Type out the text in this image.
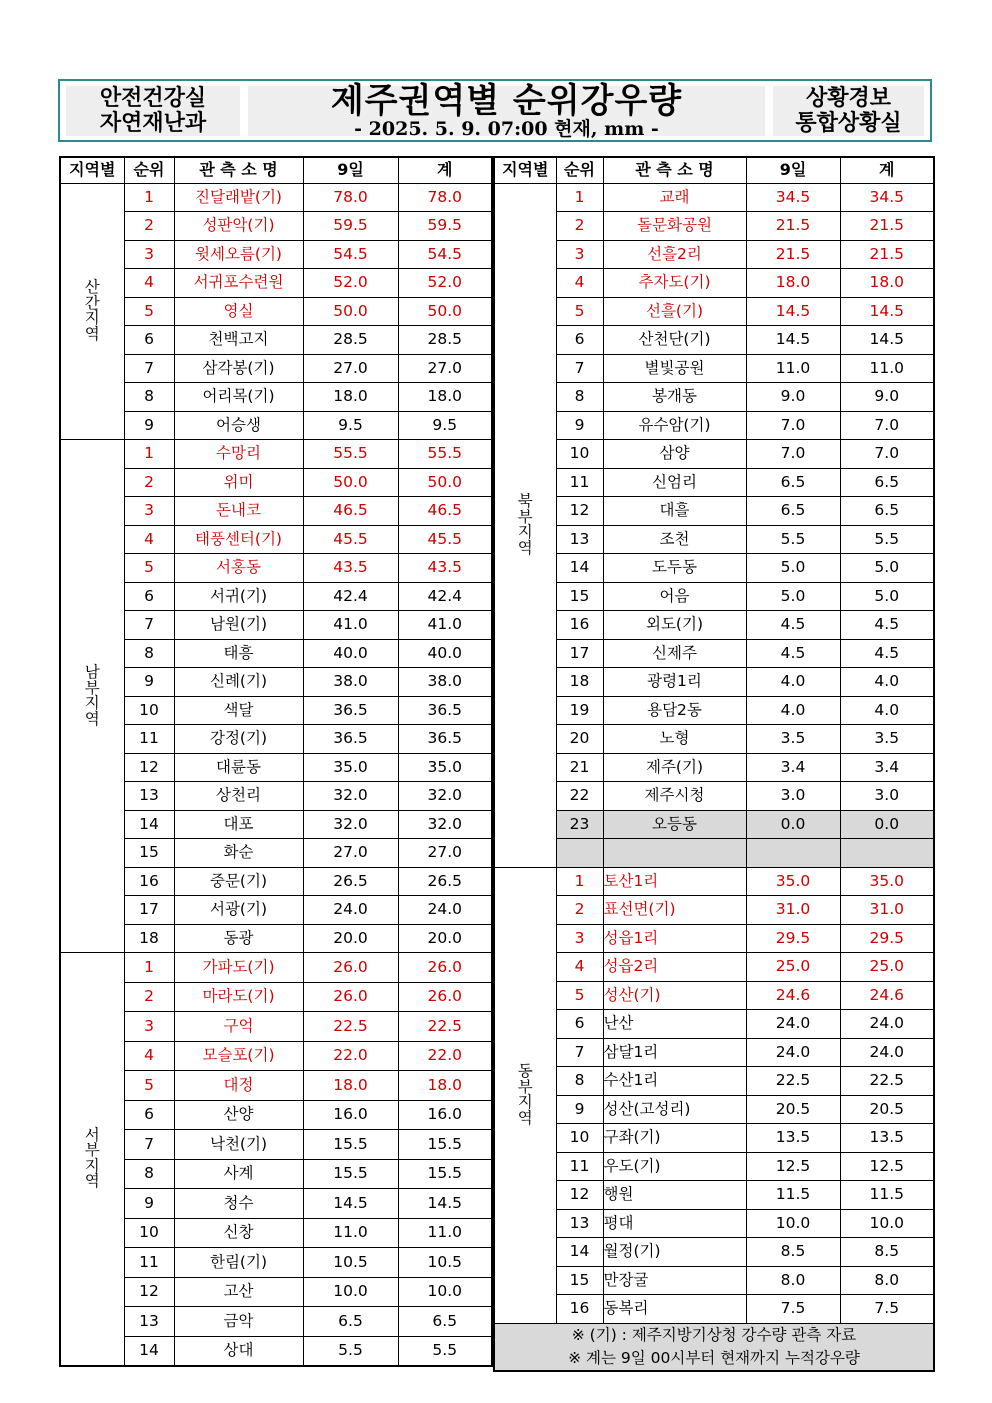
안전건강실
자연재난과
제주권역별 순위강우량
- 2025. 5. 9. 07:00 현재, mm -
상황경보
통합상황실
지역별	순위	관 측 소 명	9일	계

산
간
지
역	1	진달래밭(기)	78.0	78.0
	2	성판악(기)	59.5	59.5
	3	윗세오름(기)	54.5	54.5
	4	서귀포수련원	52.0	52.0
	5	영실	50.0	50.0
	6	천백고지	28.5	28.5
	7	삼각봉(기)	27.0	27.0
	8	어리목(기)	18.0	18.0
	9	어승생	9.5	9.5

남
부
지
역	1	수망리	55.5	55.5
	2	위미	50.0	50.0
	3	돈내코	46.5	46.5
	4	태풍센터(기)	45.5	45.5
	5	서홍동	43.5	43.5
	6	서귀(기)	42.4	42.4
	7	남원(기)	41.0	41.0
	8	태흥	40.0	40.0
	9	신례(기)	38.0	38.0
	10	색달	36.5	36.5
	11	강정(기)	36.5	36.5
	12	대륜동	35.0	35.0
	13	상천리	32.0	32.0
	14	대포	32.0	32.0
	15	화순	27.0	27.0
	16	중문(기)	26.5	26.5
	17	서광(기)	24.0	24.0
	18	동광	20.0	20.0

서
부
지
역	1	가파도(기)	26.0	26.0
	2	마라도(기)	26.0	26.0
	3	구억	22.5	22.5
	4	모슬포(기)	22.0	22.0
	5	대정	18.0	18.0
	6	산양	16.0	16.0
	7	낙천(기)	15.5	15.5
	8	사계	15.5	15.5
	9	청수	14.5	14.5
	10	신창	11.0	11.0
	11	한림(기)	10.5	10.5
	12	고산	10.0	10.0
	13	금악	6.5	6.5
	14	상대	5.5	5.5
지역별	순위	관 측 소 명	9일	계

북
부
지
역	1	교래	34.5	34.5
	2	돌문화공원	21.5	21.5
	3	선흘2리	21.5	21.5
	4	추자도(기)	18.0	18.0
	5	선흘(기)	14.5	14.5
	6	산천단(기)	14.5	14.5
	7	별빛공원	11.0	11.0
	8	봉개동	9.0	9.0
	9	유수암(기)	7.0	7.0
	10	삼양	7.0	7.0
	11	신엄리	6.5	6.5
	12	대흘	6.5	6.5
	13	조천	5.5	5.5
	14	도두동	5.0	5.0
	15	어음	5.0	5.0
	16	외도(기)	4.5	4.5
	17	신제주	4.5	4.5
	18	광령1리	4.0	4.0
	19	용담2동	4.0	4.0
	20	노형	3.5	3.5
	21	제주(기)	3.4	3.4
	22	제주시청	3.0	3.0
	23	오등동	0.0	0.0

동
부
지
역	1	토산1리	35.0	35.0
	2	표선면(기)	31.0	31.0
	3	성읍1리	29.5	29.5
	4	성읍2리	25.0	25.0
	5	성산(기)	24.6	24.6
	6	난산	24.0	24.0
	7	삼달1리	24.0	24.0
	8	수산1리	22.5	22.5
	9	성산(고성리)	20.5	20.5
	10	구좌(기)	13.5	13.5
	11	우도(기)	12.5	12.5
	12	행원	11.5	11.5
	13	평대	10.0	10.0
	14	월정(기)	8.5	8.5
	15	만장굴	8.0	8.0
	16	동복리	7.5	7.5
※ (기) : 제주지방기상청 강수량 관측 자료				
※ 계는 9일 00시부터 현재까지 누적강우량				
